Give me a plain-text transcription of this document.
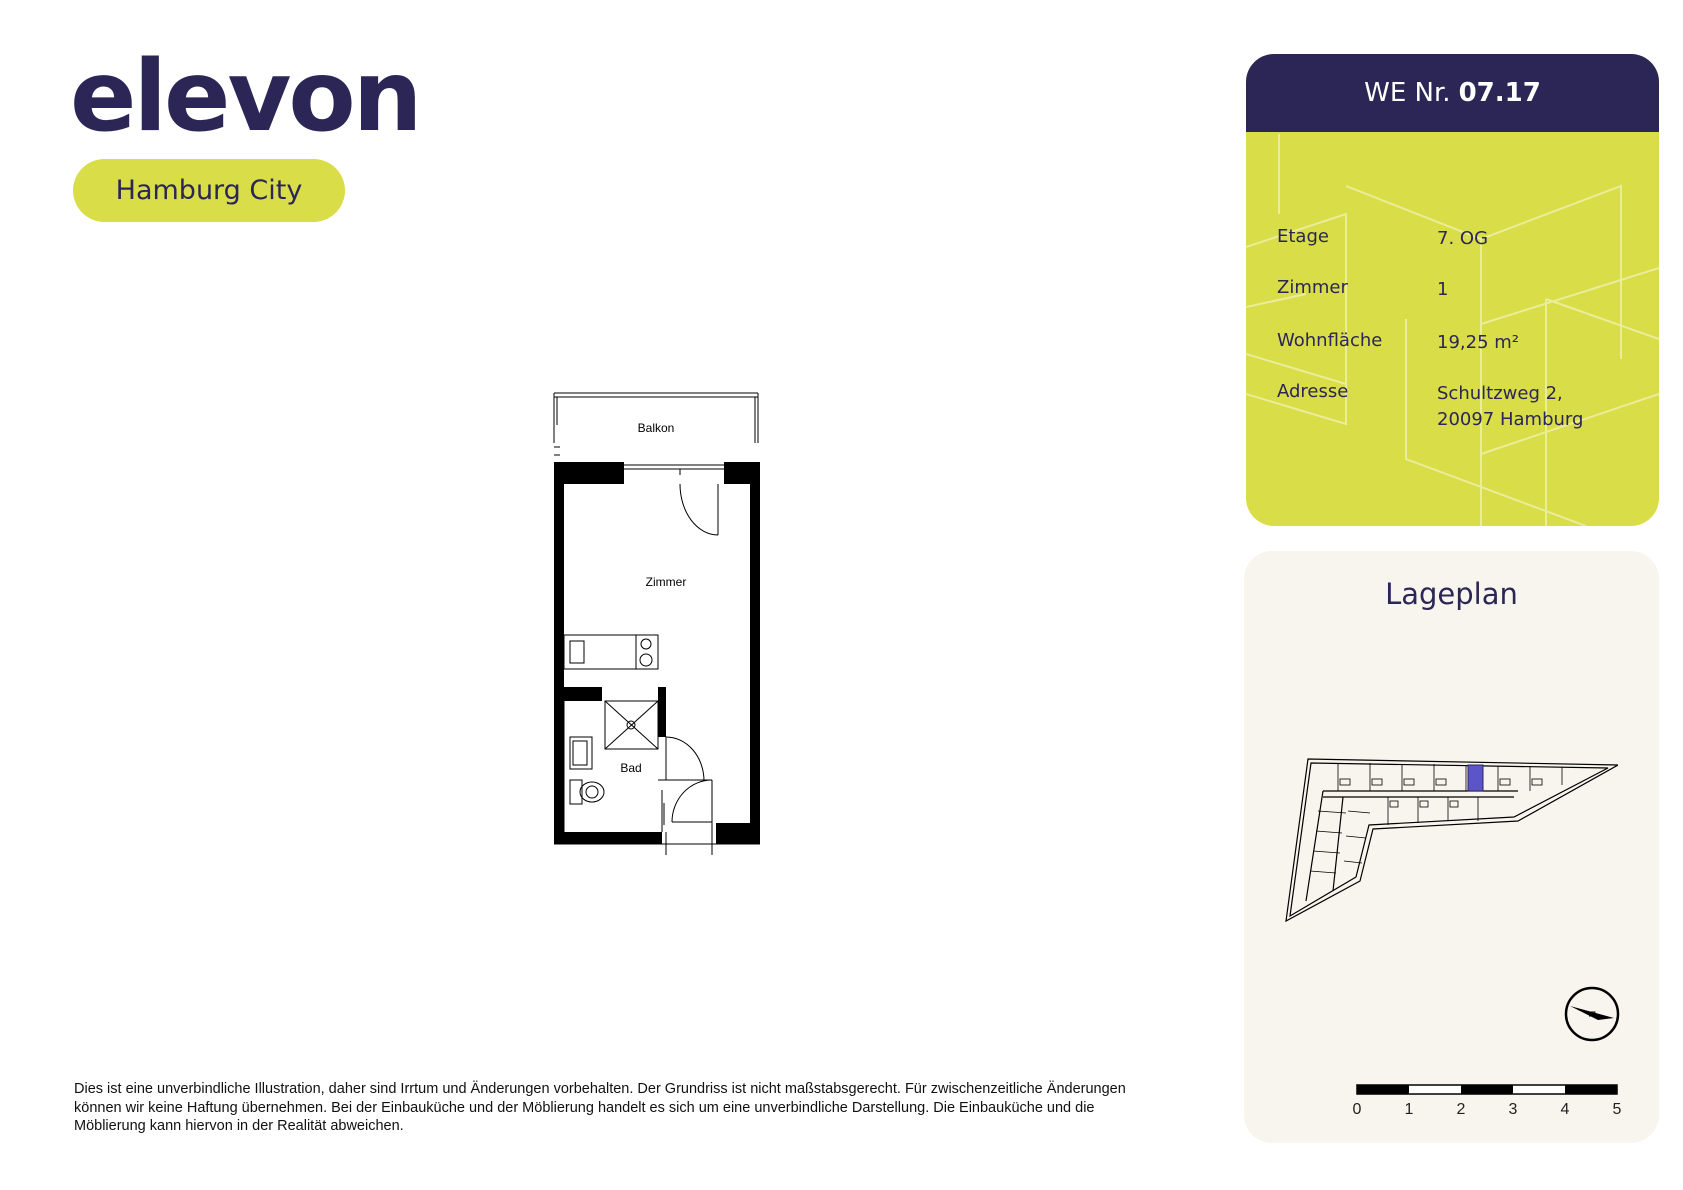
elevon
Hamburg City
Balkon
Zimmer
Bad
WE Nr. 07.17
Etage	7. OG
Zimmer	1
Wohnfläche	19,25 m²
Adresse	Schultzweg 2,
20097 Hamburg
Lageplan
N
0	1	2	3	4	5
Dies ist eine unverbindliche Illustration, daher sind Irrtum und Änderungen vorbehalten. Der Grundriss ist nicht maßstabsgerecht. Für zwischenzeitliche Änderungen können wir keine Haftung übernehmen. Bei der Einbauküche und der Möblierung handelt es sich um eine unverbindliche Darstellung. Die Einbauküche und die Möblierung kann hiervon in der Realität abweichen.
